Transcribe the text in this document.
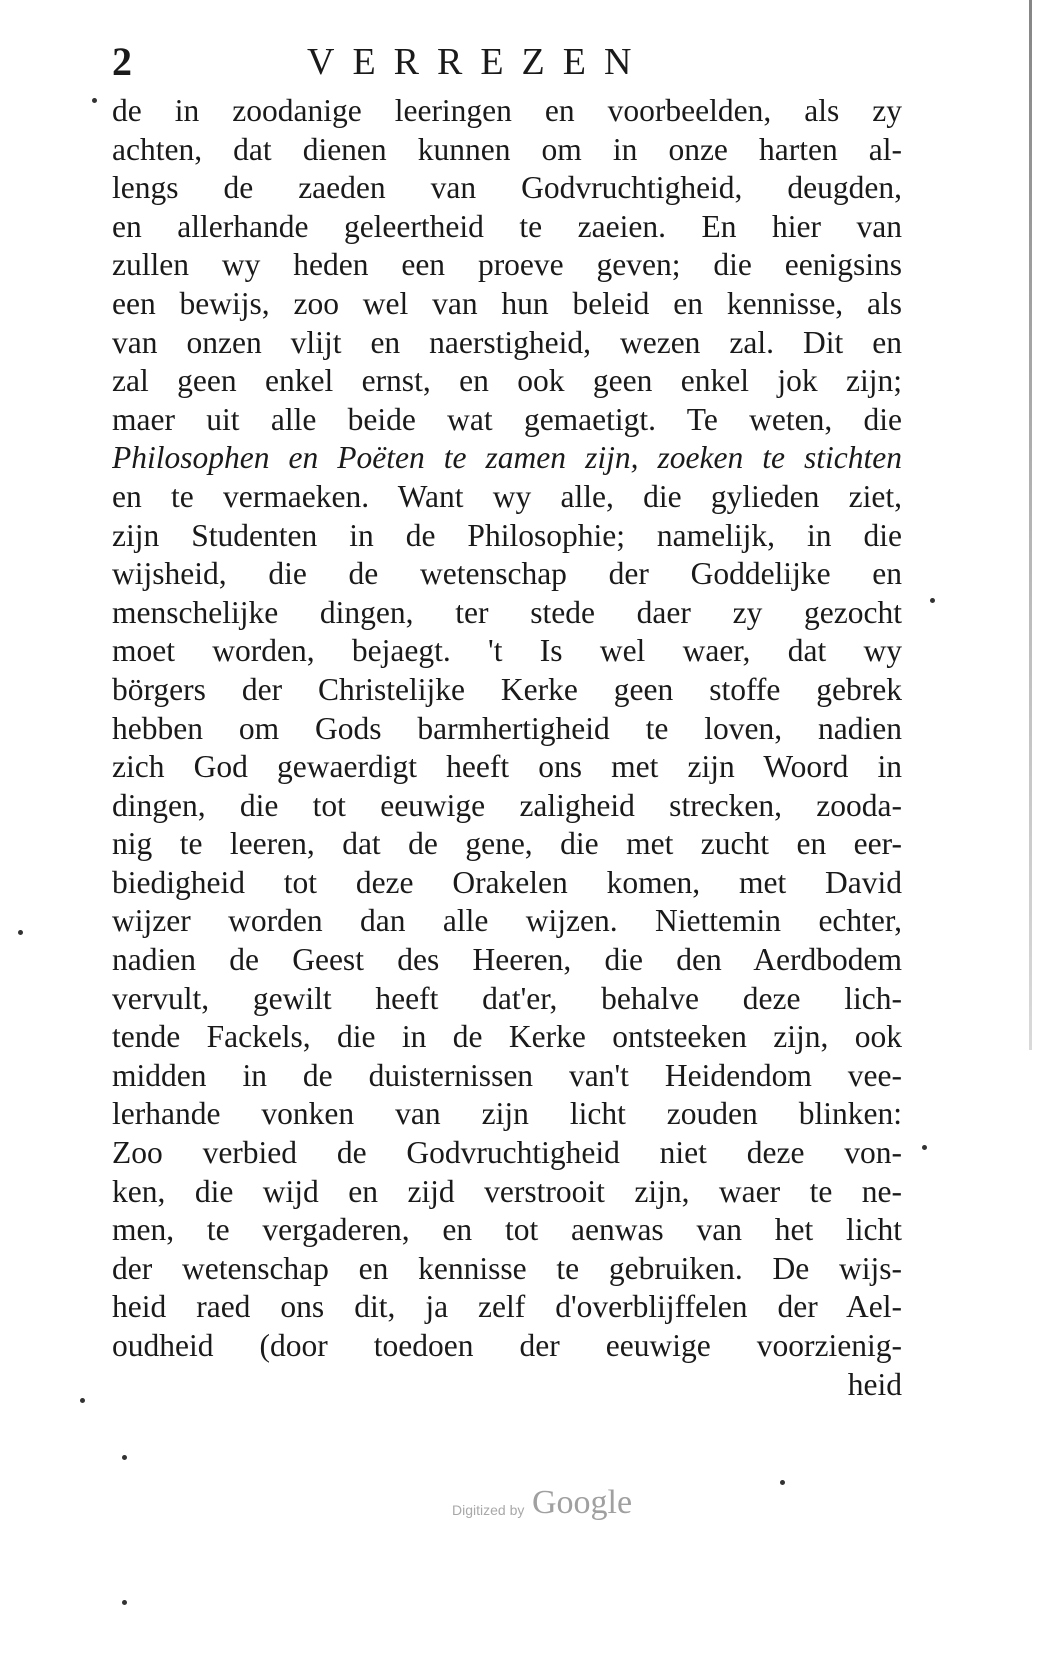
2	VERREZEN
de in zoodanige leeringen en voorbeelden, als zy
achten, dat dienen kunnen om in onze harten al-
lengs de zaeden van Godvruchtigheid, deugden,
en allerhande geleertheid te zaeien. En hier van
zullen wy heden een proeve geven; die eenigsins
een bewijs, zoo wel van hun beleid en kennisse, als
van onzen vlijt en naerstigheid, wezen zal. Dit en
zal geen enkel ernst, en ook geen enkel jok zijn;
maer uit alle beide wat gemaetigt. Te weten, die
Philosophen en Poëten te zamen zijn, zoeken te stichten
en te vermaeken. Want wy alle, die gylieden ziet,
zijn Studenten in de Philosophie; namelijk, in die
wijsheid, die de wetenschap der Goddelijke en
menschelijke dingen, ter stede daer zy gezocht
moet worden, bejaegt. 't Is wel waer, dat wy
börgers der Christelijke Kerke geen stoffe gebrek
hebben om Gods barmhertigheid te loven, nadien
zich God gewaerdigt heeft ons met zijn Woord in
dingen, die tot eeuwige zaligheid strecken, zooda-
nig te leeren, dat de gene, die met zucht en eer-
biedigheid tot deze Orakelen komen, met David
wijzer worden dan alle wijzen. Niettemin echter,
nadien de Geest des Heeren, die den Aerdbodem
vervult, gewilt heeft dat'er, behalve deze lich-
tende Fackels, die in de Kerke ontsteeken zijn, ook
midden in de duisternissen van't Heidendom vee-
lerhande vonken van zijn licht zouden blinken:
Zoo verbied de Godvruchtigheid niet deze von-
ken, die wijd en zijd verstrooit zijn, waer te ne-
men, te vergaderen, en tot aenwas van het licht
der wetenschap en kennisse te gebruiken. De wijs-
heid raed ons dit, ja zelf d'overblijffelen der Ael-
oudheid (door toedoen der eeuwige voorzienig-
heid
Digitized by Google
